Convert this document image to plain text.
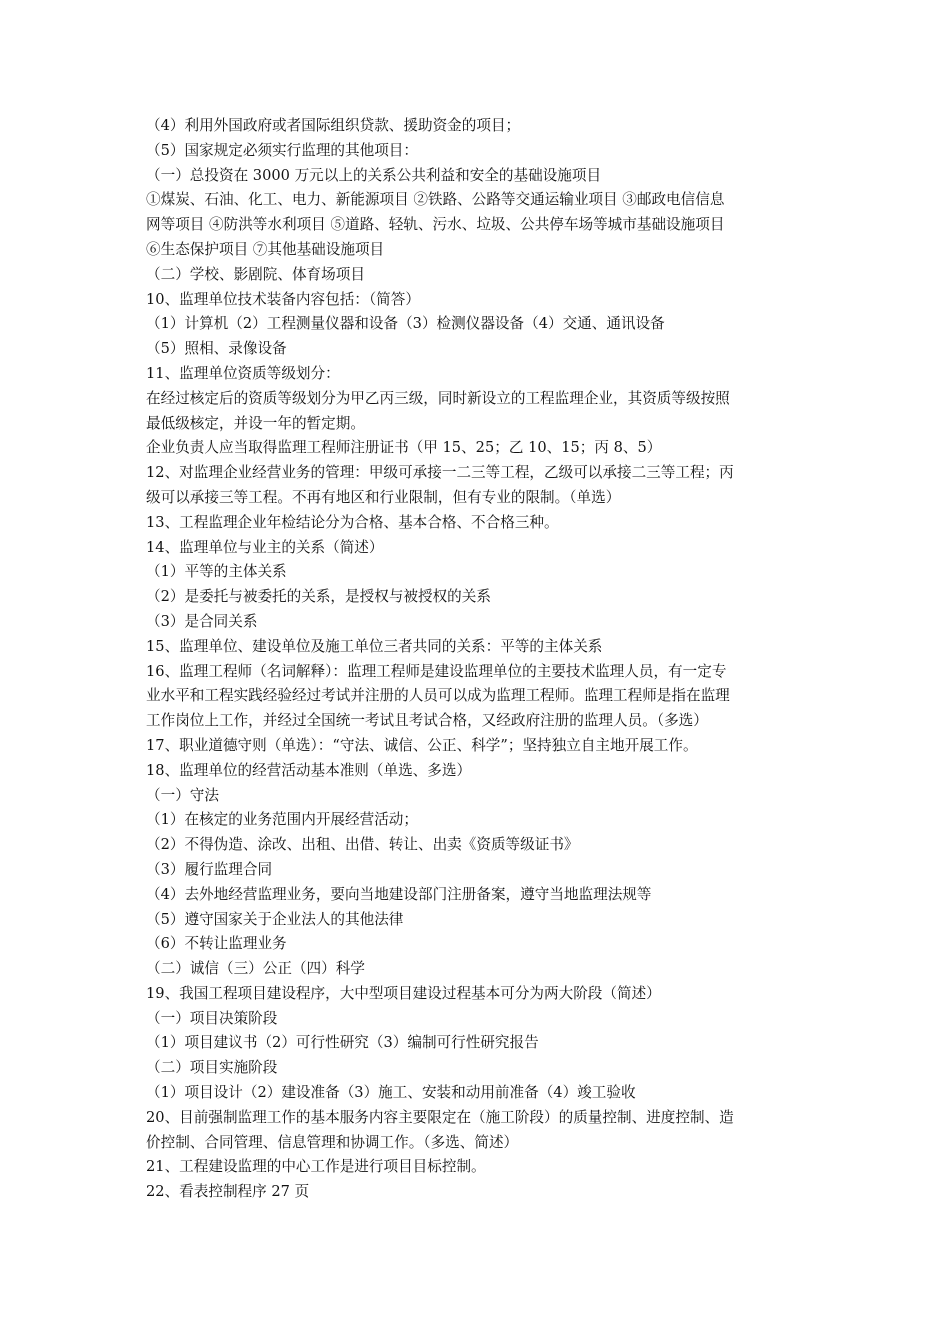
（4）利用外国政府或者国际组织贷款、援助资金的项目；
（5）国家规定必须实行监理的其他项目：
（一）总投资在 3000 万元以上的关系公共利益和安全的基础设施项目
①煤炭、石油、化工、电力、新能源项目 ②铁路、公路等交通运输业项目 ③邮政电信信息
网等项目 ④防洪等水利项目 ⑤道路、轻轨、污水、垃圾、公共停车场等城市基础设施项目
⑥生态保护项目 ⑦其他基础设施项目
（二）学校、影剧院、体育场项目
10、监理单位技术装备内容包括：（简答）
（1）计算机（2）工程测量仪器和设备（3）检测仪器设备（4）交通、通讯设备
（5）照相、录像设备
11、监理单位资质等级划分：
在经过核定后的资质等级划分为甲乙丙三级，同时新设立的工程监理企业，其资质等级按照
最低级核定，并设一年的暂定期。
企业负责人应当取得监理工程师注册证书（甲 15、25；乙 10、15；丙 8、5）
12、对监理企业经营业务的管理：甲级可承接一二三等工程，乙级可以承接二三等工程；丙
级可以承接三等工程。不再有地区和行业限制，但有专业的限制。（单选）
13、工程监理企业年检结论分为合格、基本合格、不合格三种。
14、监理单位与业主的关系（简述）
（1）平等的主体关系
（2）是委托与被委托的关系，是授权与被授权的关系
（3）是合同关系
15、监理单位、建设单位及施工单位三者共同的关系：平等的主体关系
16、监理工程师（名词解释）：监理工程师是建设监理单位的主要技术监理人员，有一定专
业水平和工程实践经验经过考试并注册的人员可以成为监理工程师。监理工程师是指在监理
工作岗位上工作，并经过全国统一考试且考试合格，又经政府注册的监理人员。（多选）
17、职业道德守则（单选）：“守法、诚信、公正、科学”；坚持独立自主地开展工作。
18、监理单位的经营活动基本准则（单选、多选）
（一）守法
（1）在核定的业务范围内开展经营活动；
（2）不得伪造、涂改、出租、出借、转让、出卖《资质等级证书》
（3）履行监理合同
（4）去外地经营监理业务，要向当地建设部门注册备案，遵守当地监理法规等
（5）遵守国家关于企业法人的其他法律
（6）不转让监理业务
（二）诚信（三）公正（四）科学
19、我国工程项目建设程序，大中型项目建设过程基本可分为两大阶段（简述）
（一）项目决策阶段
（1）项目建议书（2）可行性研究（3）编制可行性研究报告
（二）项目实施阶段
（1）项目设计（2）建设准备（3）施工、安装和动用前准备（4）竣工验收
20、目前强制监理工作的基本服务内容主要限定在（施工阶段）的质量控制、进度控制、造
价控制、合同管理、信息管理和协调工作。（多选、简述）
21、工程建设监理的中心工作是进行项目目标控制。
22、看表控制程序 27 页
